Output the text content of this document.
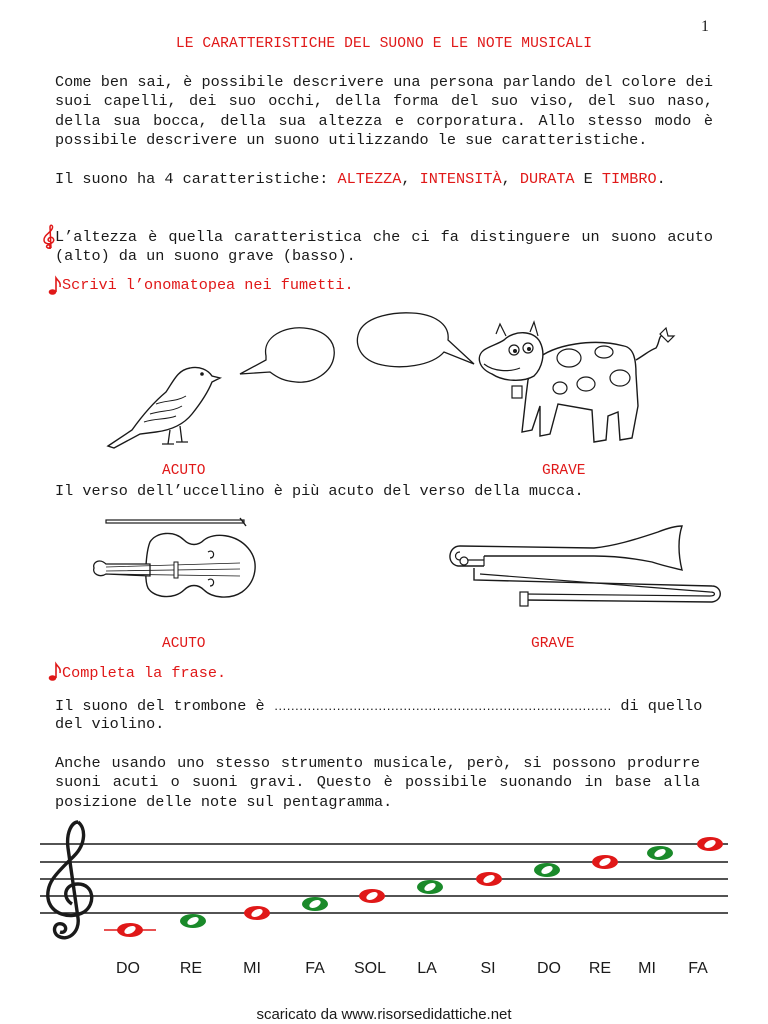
1
LE CARATTERISTICHE DEL SUONO E LE NOTE MUSICALI
Come ben sai, è possibile descrivere una persona parlando del colore dei suoi capelli, dei suo occhi, della forma del suo viso, del suo naso, della sua bocca, della sua altezza e corporatura. Allo stesso modo è possibile descrivere un suono utilizzando le sue caratteristiche.
Il suono ha 4 caratteristiche: ALTEZZA, INTENSITÀ, DURATA E TIMBRO.
L’altezza è quella caratteristica che ci fa distinguere un suono acuto (alto) da un suono grave (basso).
Scrivi l’onomatopea nei fumetti.
ACUTO	GRAVE
Il verso dell’uccellino è più acuto del verso della mucca.
ACUTO	GRAVE
Completa la frase.
Il suono del trombone è ……………………………………………………………………… di quello
del violino.
Anche usando uno stesso strumento musicale, però, si possono produrre suoni acuti o suoni gravi. Questo è possibile suonando in base alla posizione delle note sul pentagramma.
DO	RE	MI	FA	SOL	LA	SI	DO	RE	MI	FA
scaricato da www.risorsedidattiche.net
